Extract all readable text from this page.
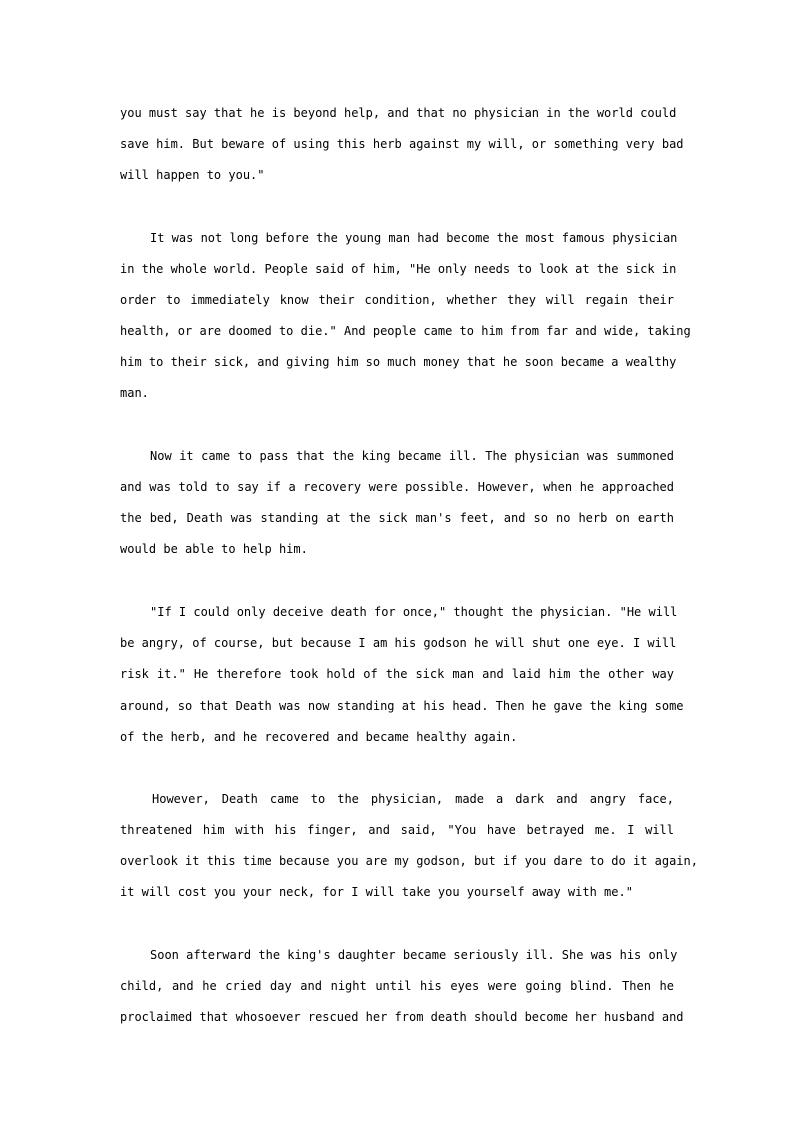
you must say that he is beyond help, and that no physician in the world could
save him. But beware of using this herb against my will, or something very bad
will happen to you."
It was not long before the young man had become the most famous physician
in the whole world. People said of him, "He only needs to look at the sick in
order to immediately know their condition, whether they will regain their
health, or are doomed to die." And people came to him from far and wide, taking
him to their sick, and giving him so much money that he soon became a wealthy
man.
Now it came to pass that the king became ill. The physician was summoned
and was told to say if a recovery were possible. However, when he approached
the bed, Death was standing at the sick man's feet, and so no herb on earth
would be able to help him.
"If I could only deceive death for once," thought the physician. "He will
be angry, of course, but because I am his godson he will shut one eye. I will
risk it." He therefore took hold of the sick man and laid him the other way
around, so that Death was now standing at his head. Then he gave the king some
of the herb, and he recovered and became healthy again.
However, Death came to the physician, made a dark and angry face,
threatened him with his finger, and said, "You have betrayed me. I will
overlook it this time because you are my godson, but if you dare to do it again,
it will cost you your neck, for I will take you yourself away with me."
Soon afterward the king's daughter became seriously ill. She was his only
child, and he cried day and night until his eyes were going blind. Then he
proclaimed that whosoever rescued her from death should become her husband and
